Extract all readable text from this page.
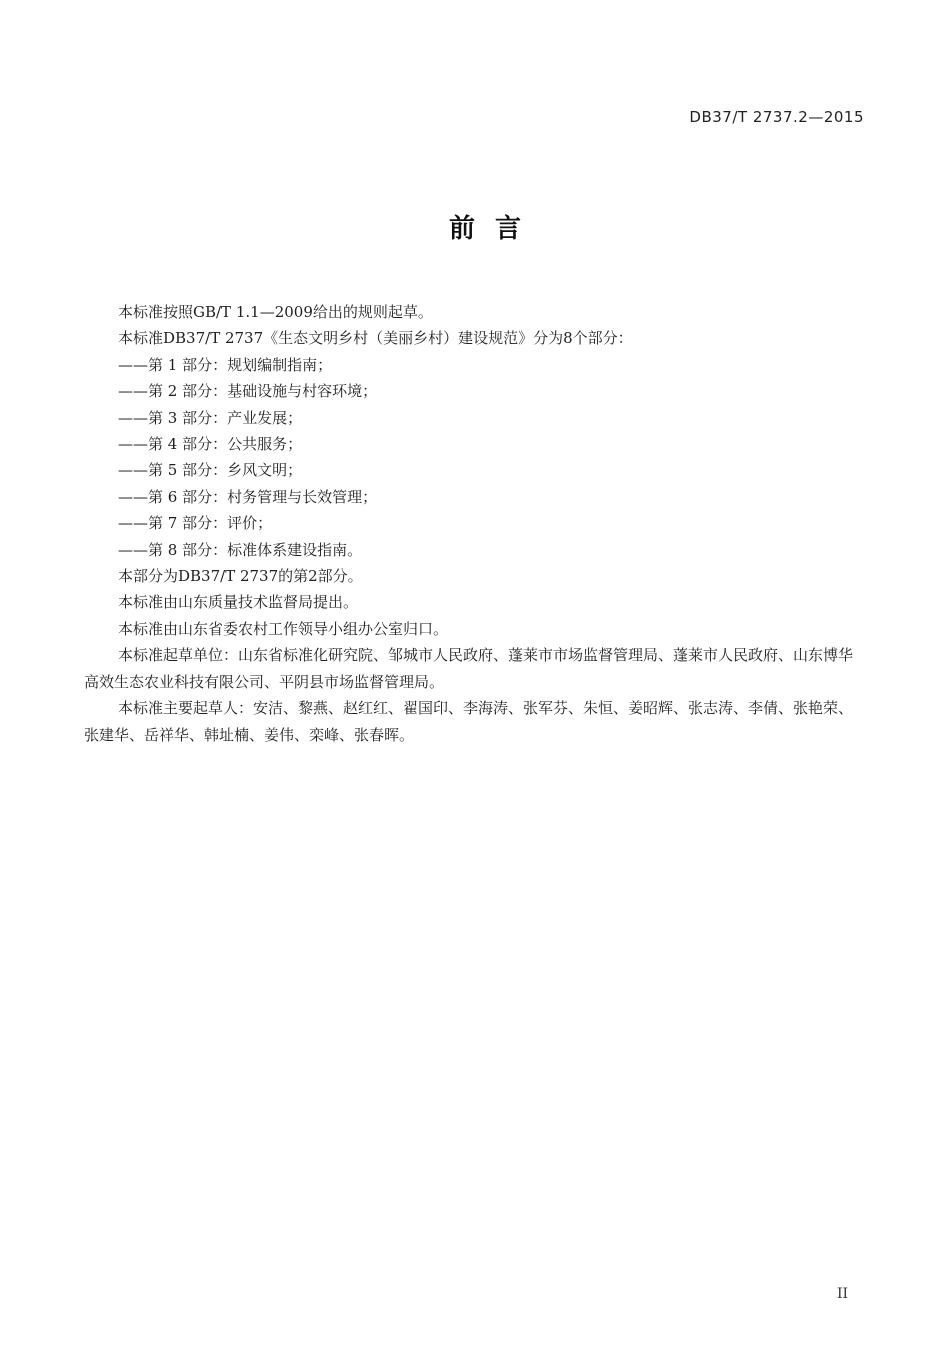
DB37/T 2737.2—2015
前言

本标准按照GB/T 1.1—2009给出的规则起草。

本标准DB37/T 2737《生态文明乡村（美丽乡村）建设规范》分为8个部分：

——第 1 部分：规划编制指南；
——第 2 部分：基础设施与村容环境；
——第 3 部分：产业发展；
——第 4 部分：公共服务；
——第 5 部分：乡风文明；
——第 6 部分：村务管理与长效管理；
——第 7 部分：评价；
——第 8 部分：标准体系建设指南。

本部分为DB37/T 2737的第2部分。

本标准由山东质量技术监督局提出。

本标准由山东省委农村工作领导小组办公室归口。

本标准起草单位：山东省标准化研究院、邹城市人民政府、蓬莱市市场监督管理局、蓬莱市人民政府、山东博华高效生态农业科技有限公司、平阴县市场监督管理局。

本标准主要起草人：安洁、黎燕、赵红红、翟国印、李海涛、张军芬、朱恒、姜昭辉、张志涛、李倩、张艳荣、张建华、岳祥华、韩址楠、姜伟、栾峰、张春晖。

II
